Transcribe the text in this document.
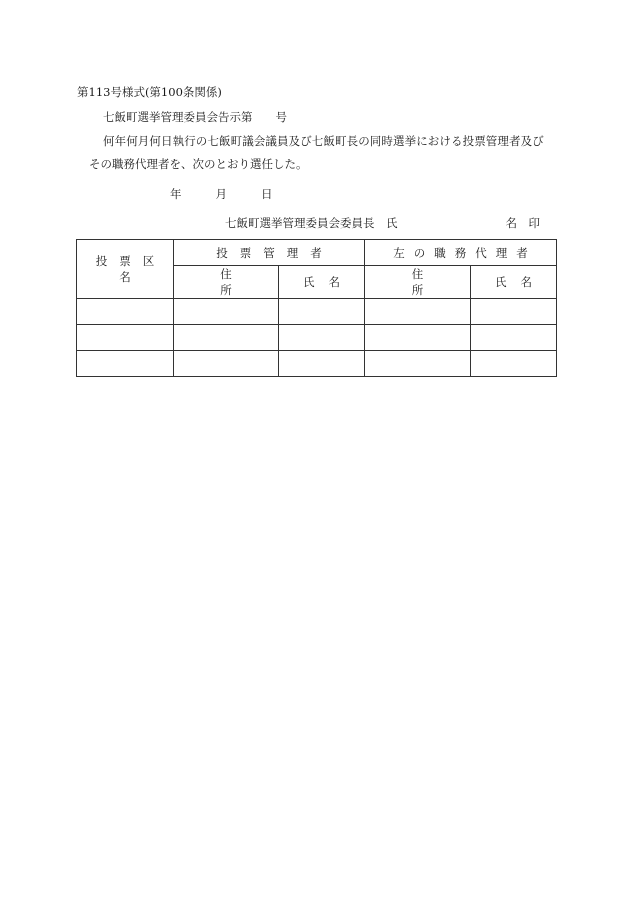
第113号様式(第100条関係)
七飯町選挙管理委員会告示第　　号
何年何月何日執行の七飯町議会議員及び七飯町長の同時選挙における投票管理者及び
その職務代理者を、次のとおり選任した。
年	月	日
七飯町選挙管理委員会委員長　氏	名　印
投票区名	投票管理者		左の職務代理者	
	住所	氏名	住所	氏名
